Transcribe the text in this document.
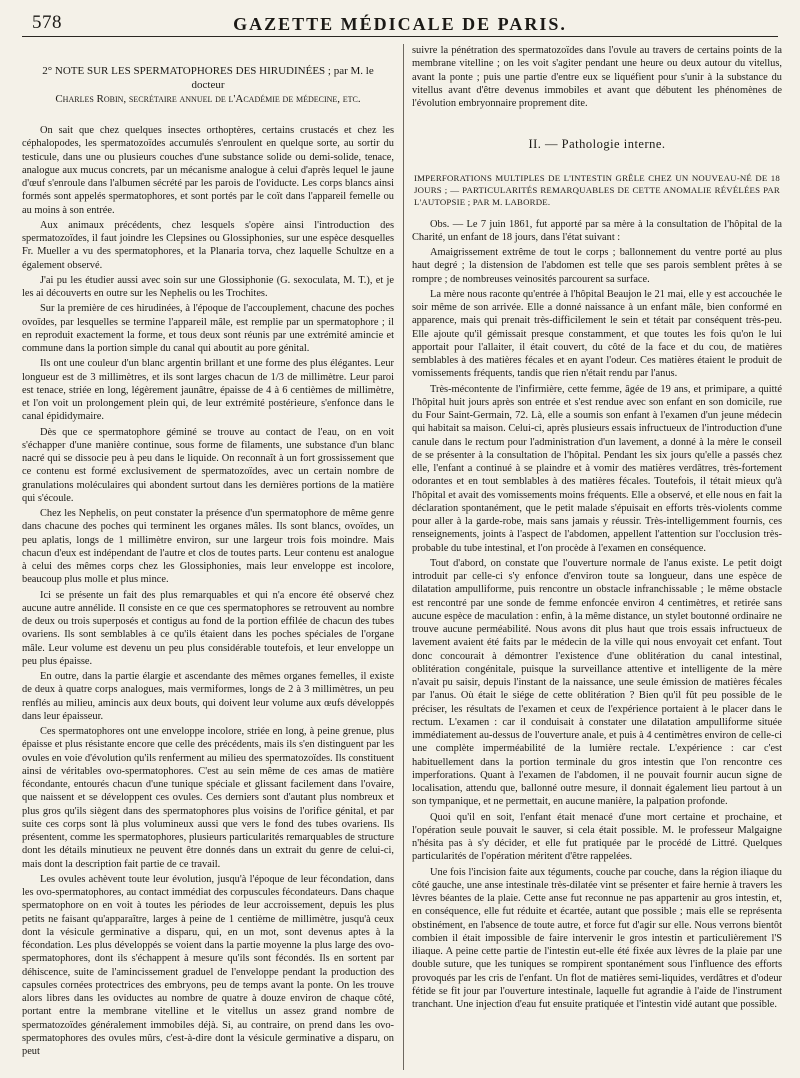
578	GAZETTE MÉDICALE DE PARIS.
2° NOTE SUR LES SPERMATOPHORES DES HIRUDINÉES ; par M. le docteur
Charles Robin, secrétaire annuel de l'Académie de médecine, etc.

On sait que chez quelques insectes orthoptères, certains crustacés et chez les céphalopodes, les spermatozoïdes accumulés s'enroulent en quelque sorte, au sortir du testicule, dans une ou plusieurs couches d'une substance solide ou demi-solide, tenace, analogue aux mucus concrets, par un mécanisme analogue à celui d'après lequel le jaune d'œuf s'enroule dans l'albumen sécrété par les parois de l'oviducte. Les corps blancs ainsi formés sont appelés spermatophores, et sont portés par le coït dans l'appareil femelle ou au moins à son entrée.

Aux animaux précédents, chez lesquels s'opère ainsi l'introduction des spermatozoïdes, il faut joindre les Clepsines ou Glossiphonies, sur une espèce desquelles Fr. Mueller a vu des spermatophores, et la Planaria torva, chez laquelle Schultze en a également observé.

J'ai pu les étudier aussi avec soin sur une Glossiphonie (G. sexoculata, M. T.), et je les ai découverts en outre sur les Nephelis ou les Trochites.

Sur la première de ces hirudinées, à l'époque de l'accouplement, chacune des poches ovoïdes, par lesquelles se termine l'appareil mâle, est remplie par un spermatophore ; il en reproduit exactement la forme, et tous deux sont réunis par une extrémité amincie et commune dans la portion simple du canal qui aboutit au pore génital.

Ils ont une couleur d'un blanc argentin brillant et une forme des plus élégantes. Leur longueur est de 3 millimètres, et ils sont larges chacun de 1/3 de millimètre. Leur paroi est tenace, striée en long, légèrement jaunâtre, épaisse de 4 à 6 centièmes de millimètre, et l'on voit un prolongement plein qui, de leur extrémité postérieure, s'enfonce dans le canal épididymaire.

Dès que ce spermatophore géminé se trouve au contact de l'eau, on en voit s'échapper d'une manière continue, sous forme de filaments, une substance d'un blanc nacré qui se dissocie peu à peu dans le liquide. On reconnaît à un fort grossissement que ce contenu est formé exclusivement de spermatozoïdes, avec un certain nombre de granulations moléculaires qui abondent surtout dans les dernières portions de la matière qui s'écoule.

Chez les Nephelis, on peut constater la présence d'un spermatophore de même genre dans chacune des poches qui terminent les organes mâles. Ils sont blancs, ovoïdes, un peu aplatis, longs de 1 millimètre environ, sur une largeur trois fois moindre. Mais chacun d'eux est indépendant de l'autre et clos de toutes parts. Leur contenu est analogue à celui des mêmes corps chez les Glossiphonies, mais leur enveloppe est incolore, beaucoup plus molle et plus mince.

Ici se présente un fait des plus remarquables et qui n'a encore été observé chez aucune autre annélide. Il consiste en ce que ces spermatophores se retrouvent au nombre de deux ou trois superposés et contigus au fond de la portion effilée de chacun des tubes ovariens. Ils sont semblables à ce qu'ils étaient dans les poches spéciales de l'organe mâle. Leur volume est devenu un peu plus considérable toutefois, et leur enveloppe un peu plus épaisse.

En outre, dans la partie élargie et ascendante des mêmes organes femelles, il existe de deux à quatre corps analogues, mais vermiformes, longs de 2 à 3 millimètres, un peu renflés au milieu, amincis aux deux bouts, qui doivent leur volume aux œufs développés dans leur épaisseur.

Ces spermatophores ont une enveloppe incolore, striée en long, à peine grenue, plus épaisse et plus résistante encore que celle des précédents, mais ils s'en distinguent par les ovules en voie d'évolution qu'ils renferment au milieu des spermatozoïdes. Ils constituent ainsi de véritables ovo-spermatophores. C'est au sein même de ces amas de matière fécondante, entourés chacun d'une tunique spéciale et glissant facilement dans l'ovaire, que naissent et se développent ces ovules. Ces derniers sont d'autant plus nombreux et plus gros qu'ils siègent dans des spermatophores plus voisins de l'orifice génital, et par suite ces corps sont là plus volumineux aussi que vers le fond des tubes ovariens. Ils présentent, comme les spermatophores, plusieurs particularités remarquables de structure dont les détails minutieux ne peuvent être donnés dans un extrait du genre de celui-ci, mais dont la description fait partie de ce travail.

Les ovules achèvent toute leur évolution, jusqu'à l'époque de leur fécondation, dans les ovo-spermatophores, au contact immédiat des corpuscules fécondateurs. Dans chaque spermatophore on en voit à toutes les périodes de leur accroissement, depuis les plus petits ne faisant qu'apparaître, larges à peine de 1 centième de millimètre, jusqu'à ceux dont la vésicule germinative a disparu, qui, en un mot, sont devenus aptes à la fécondation. Les plus développés se voient dans la partie moyenne la plus large des ovo-spermatophores, dont ils s'échappent à mesure qu'ils sont fécondés. Ils en sortent par déhiscence, suite de l'amincissement graduel de l'enveloppe pendant la production des capsules cornées protectrices des embryons, peu de temps avant la ponte. On les trouve alors libres dans les oviductes au nombre de quatre à douze environ de chaque côté, portant entre la membrane vitelline et le vitellus un assez grand nombre de spermatozoïdes généralement immobiles déjà. Si, au contraire, on prend dans les ovo-spermatophores des ovules mûrs, c'est-à-dire dont la vésicule germinative a disparu, on peut

suivre la pénétration des spermatozoïdes dans l'ovule au travers de certains points de la membrane vitelline ; on les voit s'agiter pendant une heure ou deux autour du vitellus, avant la ponte ; puis une partie d'entre eux se liquéfient pour s'unir à la substance du vitellus avant d'être devenus immobiles et avant que débutent les phénomènes de l'évolution embryonnaire proprement dite.

II. — Pathologie interne.
IMPERFORATIONS MULTIPLES DE L'INTESTIN GRÊLE CHEZ UN NOUVEAU-NÉ DE 18 JOURS ; — PARTICULARITÉS REMARQUABLES DE CETTE ANOMALIE RÉVÉLÉES PAR L'AUTOPSIE ; PAR M. LABORDE.

Obs. — Le 7 juin 1861, fut apporté par sa mère à la consultation de l'hôpital de la Charité, un enfant de 18 jours, dans l'état suivant :

Amaigrissement extrême de tout le corps ; ballonnement du ventre porté au plus haut degré ; la distension de l'abdomen est telle que ses parois semblent prêtes à se rompre ; de nombreuses veinosités parcourent sa surface.

La mère nous raconte qu'entrée à l'hôpital Beaujon le 21 mai, elle y est accouchée le soir même de son arrivée. Elle a donné naissance à un enfant mâle, bien conformé en apparence, mais qui prenait très-difficilement le sein et tétait par conséquent très-peu. Elle ajoute qu'il gémissait presque constamment, et que toutes les fois qu'on le lui apportait pour l'allaiter, il était couvert, du côté de la face et du cou, de matières semblables à des matières fécales et en ayant l'odeur. Ces matières étaient le produit de vomissements fréquents, tandis que rien n'était rendu par l'anus.

Très-mécontente de l'infirmière, cette femme, âgée de 19 ans, et primipare, a quitté l'hôpital huit jours après son entrée et s'est rendue avec son enfant en son domicile, rue du Four Saint-Germain, 72. Là, elle a soumis son enfant à l'examen d'un jeune médecin qui habitait sa maison. Celui-ci, après plusieurs essais infructueux de l'introduction d'une canule dans le rectum pour l'administration d'un lavement, a donné à la mère le conseil de se présenter à la consultation de l'hôpital. Pendant les six jours qu'elle a passés chez elle, l'enfant a continué à se plaindre et à vomir des matières verdâtres, très-fortement odorantes et en tout semblables à des matières fécales. Toutefois, il tétait mieux qu'à l'hôpital et avait des vomissements moins fréquents. Elle a observé, et elle nous en fait la déclaration spontanément, que le petit malade s'épuisait en efforts très-violents comme pour aller à la garde-robe, mais sans jamais y réussir. Très-intelligemment fournis, ces renseignements, joints à l'aspect de l'abdomen, appellent l'attention sur l'occlusion très-probable du tube intestinal, et l'on procède à l'examen en conséquence.

Tout d'abord, on constate que l'ouverture normale de l'anus existe. Le petit doigt introduit par celle-ci s'y enfonce d'environ toute sa longueur, dans une espèce de dilatation ampulliforme, puis rencontre un obstacle infranchissable ; le même obstacle est rencontré par une sonde de femme enfoncée environ 4 centimètres, et retirée sans aucune espèce de maculation : enfin, à la même distance, un stylet boutonné ordinaire ne trouve aucune perméabilité. Nous avons dit plus haut que trois essais infructueux de lavement avaient été faits par le médecin de la ville qui nous envoyait cet enfant. Tout donc concourait à démontrer l'existence d'une oblitération du canal intestinal, oblitération congénitale, puisque la surveillance attentive et intelligente de la mère n'avait pu saisir, depuis l'instant de la naissance, une seule émission de matières fécales par l'anus. Où était le siége de cette oblitération ? Bien qu'il fût peu possible de le préciser, les résultats de l'examen et ceux de l'expérience portaient à le placer dans le rectum. L'examen : car il conduisait à constater une dilatation ampulliforme située immédiatement au-dessus de l'ouverture anale, et puis à 4 centimètres environ de celle-ci une complète imperméabilité de la lumière rectale. L'expérience : car c'est habituellement dans la portion terminale du gros intestin que l'on rencontre ces imperforations. Quant à l'examen de l'abdomen, il ne pouvait fournir aucun signe de localisation, attendu que, ballonné outre mesure, il donnait également lieu partout à un son tympanique, et ne permettait, en aucune manière, la palpation profonde.

Quoi qu'il en soit, l'enfant était menacé d'une mort certaine et prochaine, et l'opération seule pouvait le sauver, si cela était possible. M. le professeur Malgaigne n'hésita pas à s'y décider, et elle fut pratiquée par le procédé de Littré. Quelques particularités de l'opération méritent d'être rappelées.

Une fois l'incision faite aux téguments, couche par couche, dans la région iliaque du côté gauche, une anse intestinale très-dilatée vint se présenter et faire hernie à travers les lèvres béantes de la plaie. Cette anse fut reconnue ne pas appartenir au gros intestin, et, en conséquence, elle fut réduite et écartée, autant que possible ; mais elle se représenta obstinément, en l'absence de toute autre, et force fut d'agir sur elle. Nous verrons bientôt combien il était impossible de faire intervenir le gros intestin et particulièrement l'S iliaque. A peine cette partie de l'intestin eut-elle été fixée aux lèvres de la plaie par une double suture, que les tuniques se rompirent spontanément sous l'influence des efforts provoqués par les cris de l'enfant. Un flot de matières semi-liquides, verdâtres et d'odeur fétide se fit jour par l'ouverture intestinale, laquelle fut agrandie à l'aide de l'instrument tranchant. Une injection d'eau fut ensuite pratiquée et l'intestin vidé autant que possible.
